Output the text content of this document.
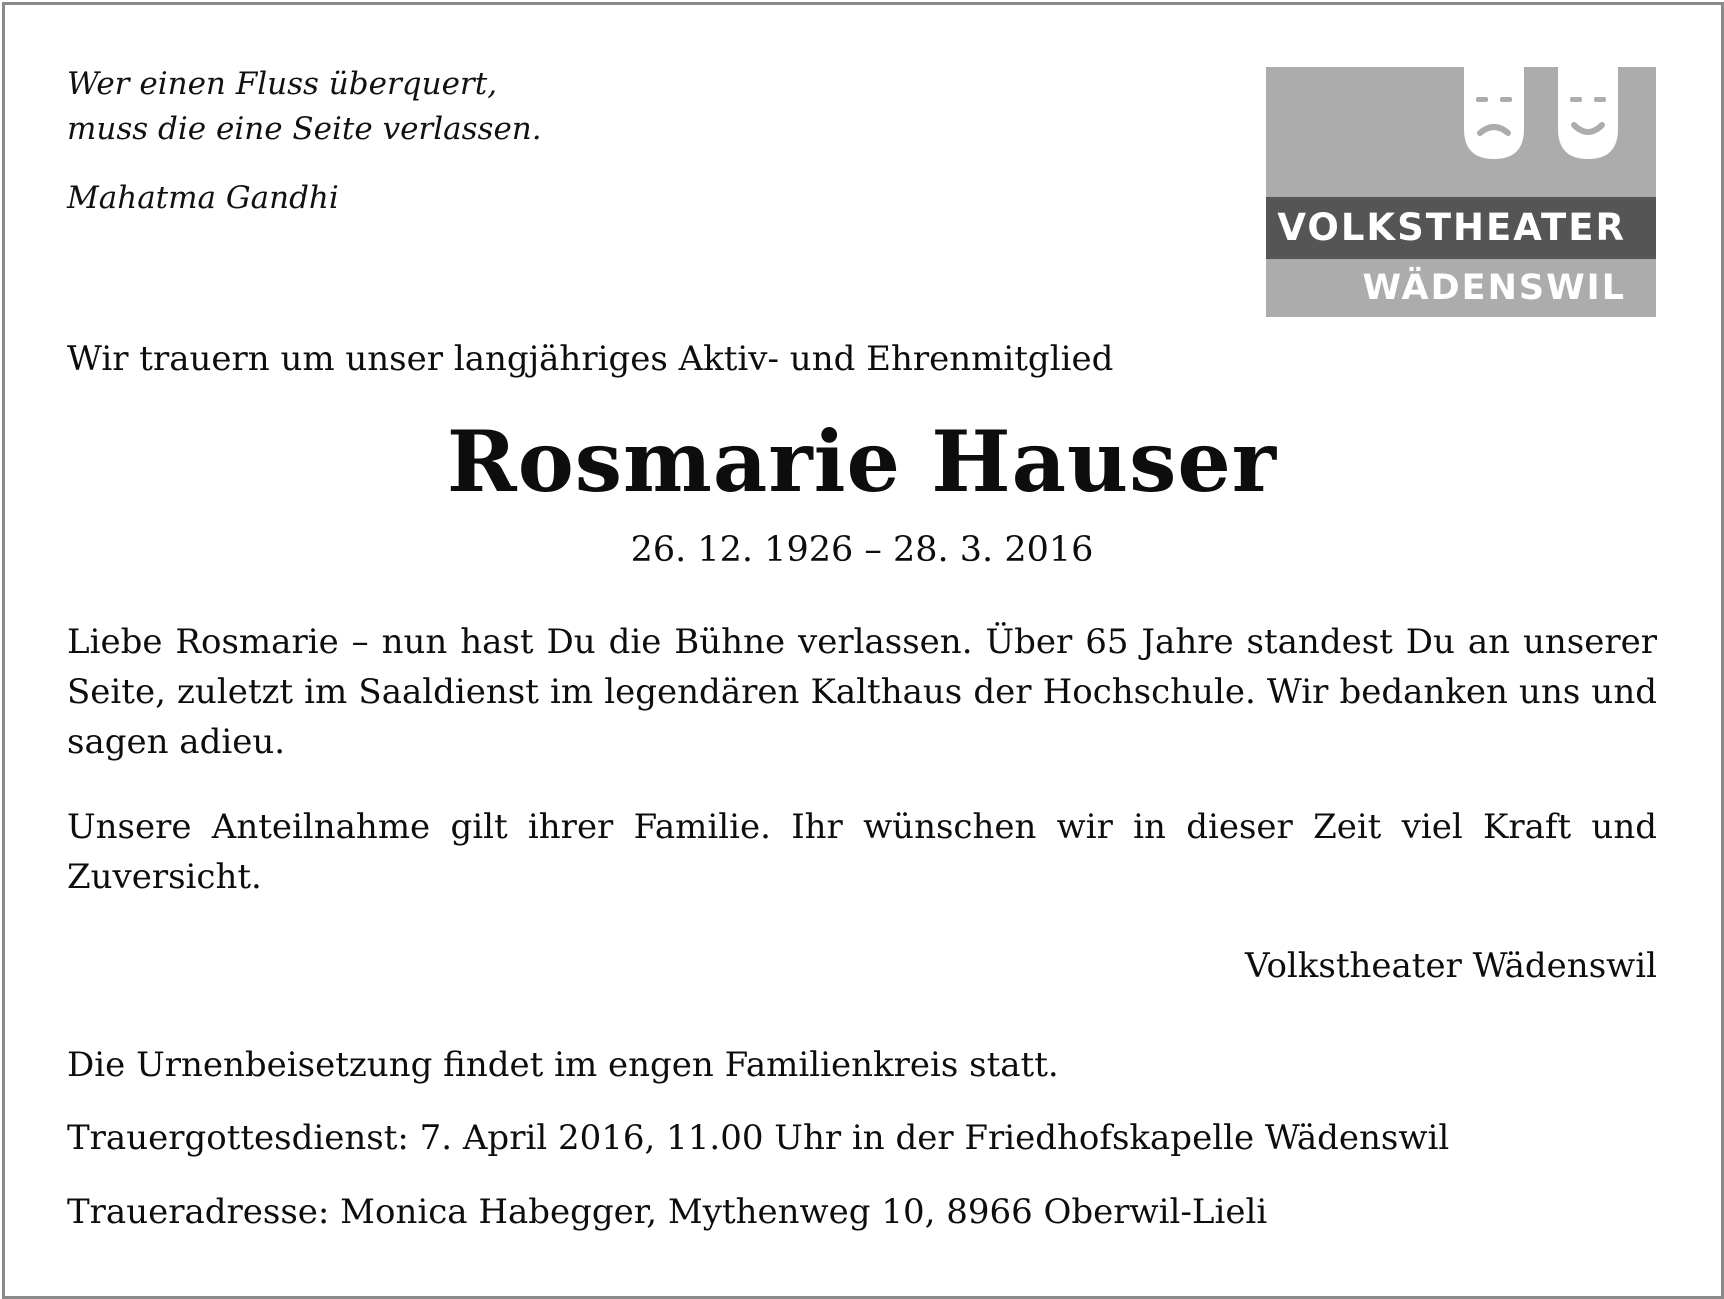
Wer einen Fluss überquert,
muss die eine Seite verlassen.
Mahatma Gandhi
VOLKSTHEATER
WÄDENSWIL
Wir trauern um unser langjähriges Aktiv- und Ehrenmitglied
Rosmarie Hauser
26. 12. 1926 – 28. 3. 2016
Liebe Rosmarie – nun hast Du die Bühne verlassen. Über 65 Jahre standest Du an unserer Seite, zuletzt im Saaldienst im legendären Kalthaus der Hochschule. Wir bedanken uns und sagen adieu.
Unsere Anteilnahme gilt ihrer Familie. Ihr wünschen wir in dieser Zeit viel Kraft und Zuversicht.
Volkstheater Wädenswil
Die Urnenbeisetzung findet im engen Familienkreis statt.
Trauergottesdienst: 7. April 2016, 11.00 Uhr in der Friedhofskapelle Wädenswil
Traueradresse: Monica Habegger, Mythenweg 10, 8966 Oberwil-Lieli
